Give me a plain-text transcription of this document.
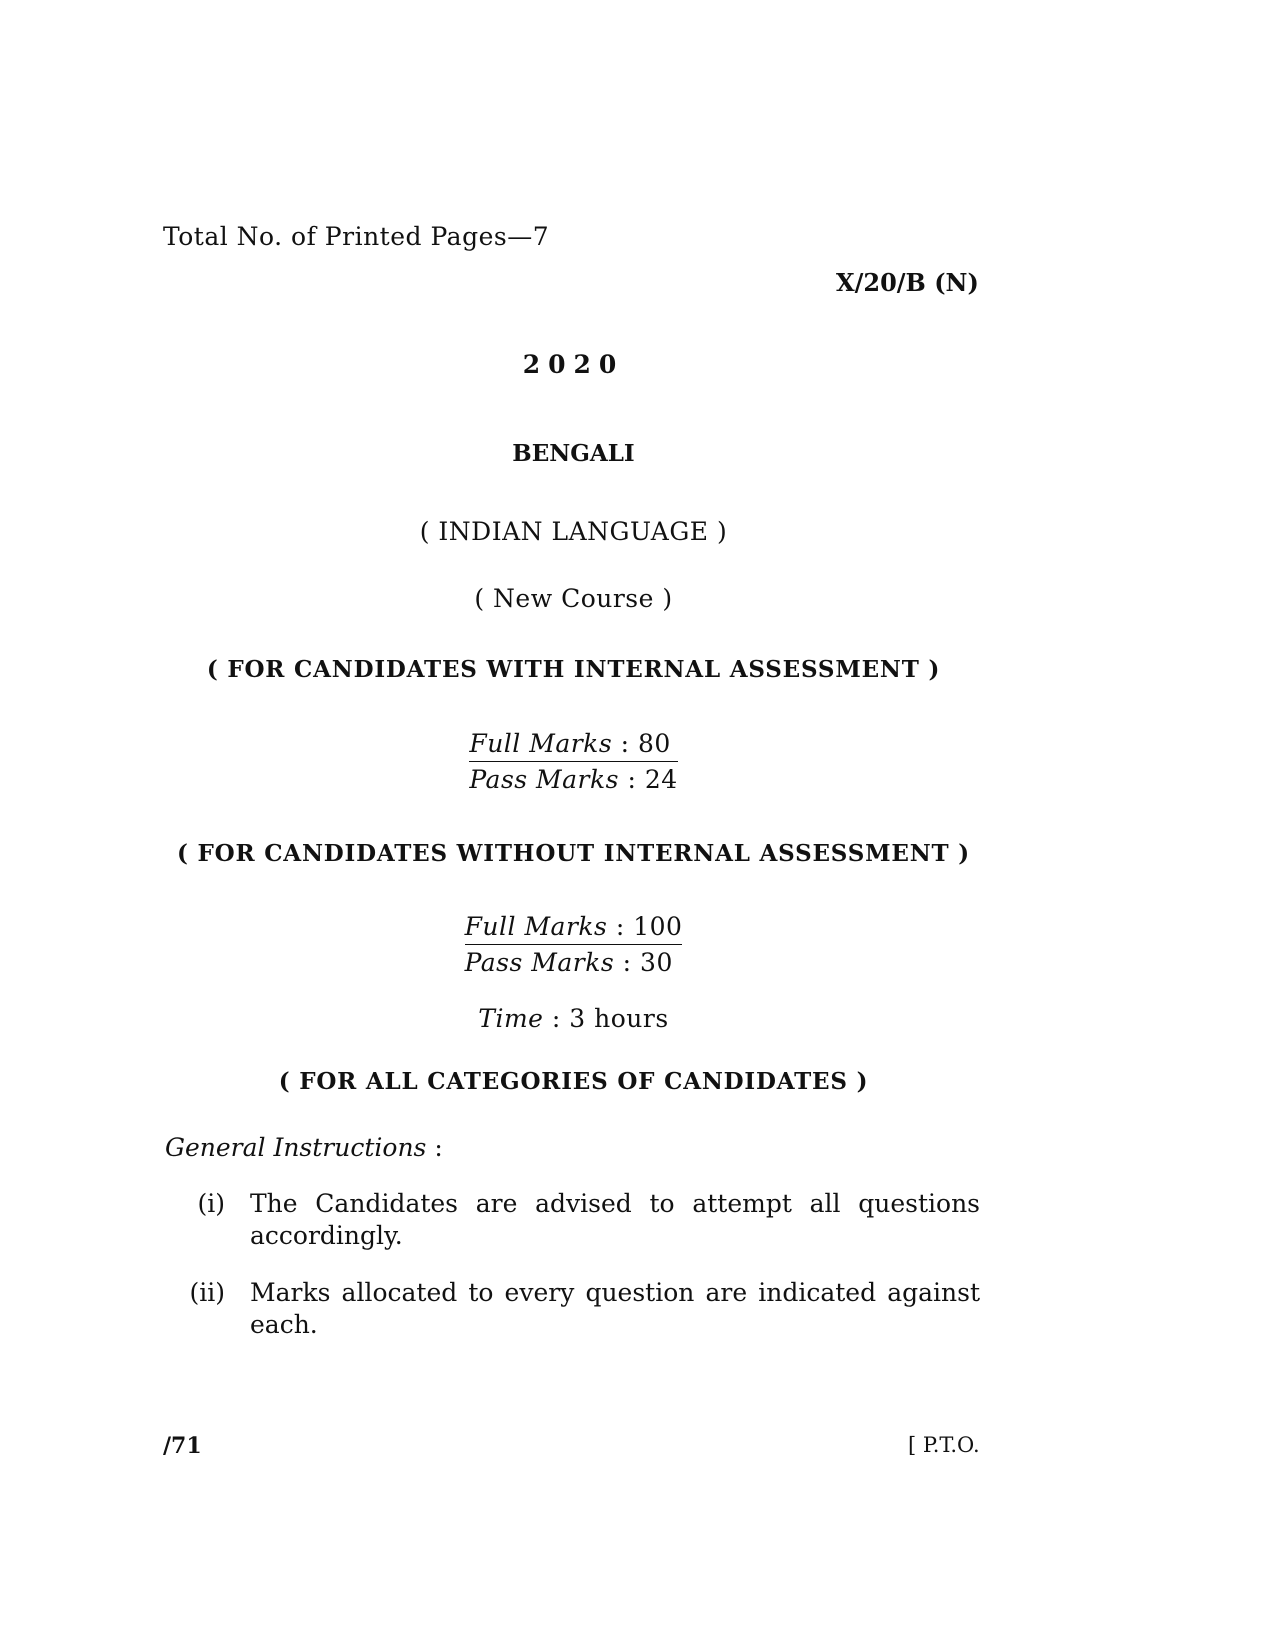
Total No. of Printed Pages—7
X/20/B (N)
2020
BENGALI
( INDIAN LANGUAGE )
( New Course )
( FOR CANDIDATES WITH INTERNAL ASSESSMENT )
Full Marks : 80
Pass Marks : 24
( FOR CANDIDATES WITHOUT INTERNAL ASSESSMENT )
Full Marks : 100
Pass Marks : 30
Time : 3 hours
( FOR ALL CATEGORIES OF CANDIDATES )
General Instructions :
(i) The Candidates are advised to attempt all questions accordingly.
(ii) Marks allocated to every question are indicated against each.
/71	[ P.T.O.
